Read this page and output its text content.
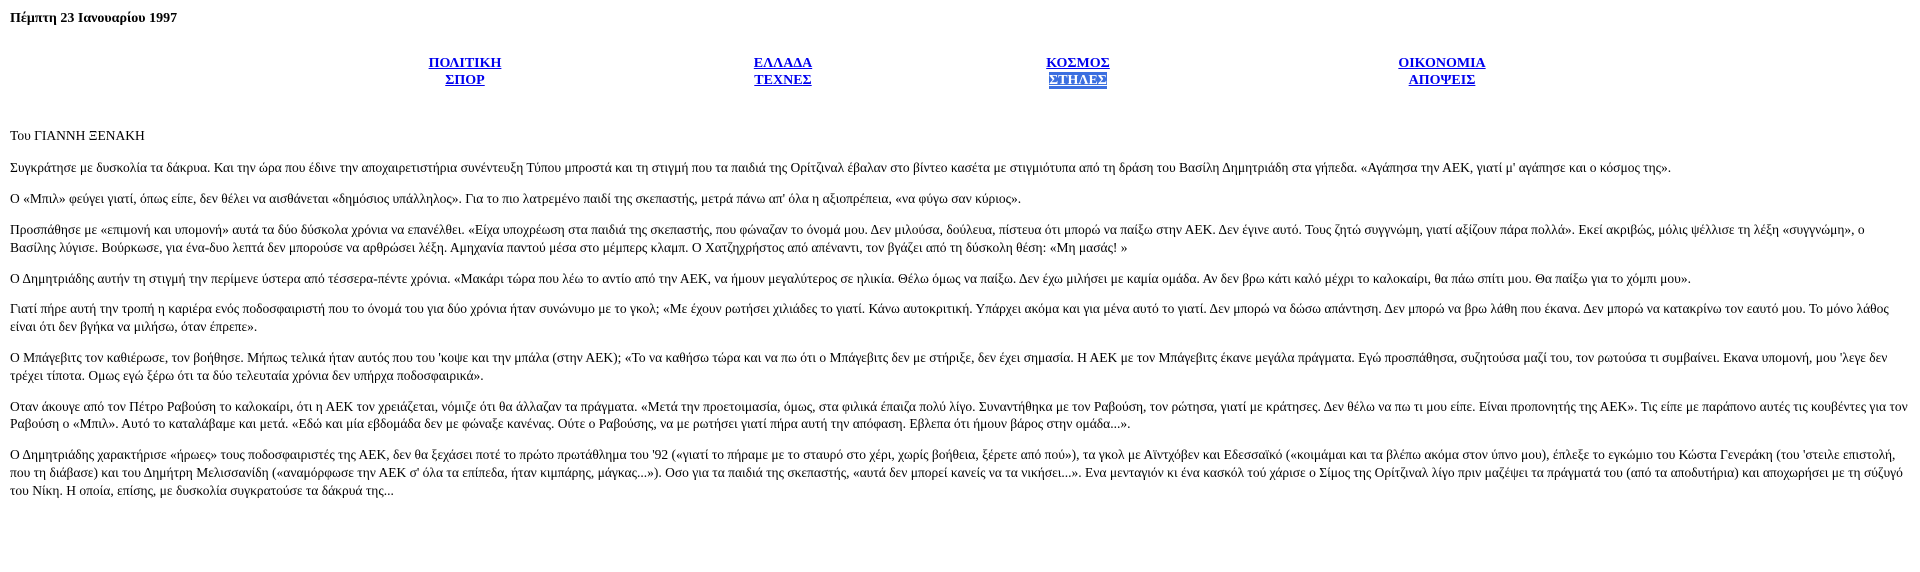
Πέμπτη 23 Ιανουαρίου 1997
ΠΟΛΙΤΙΚΗ
ΣΠΟΡ
ΕΛΛΑΔΑ
ΤΕΧΝΕΣ
ΚΟΣΜΟΣ
ΣΤΗΛΕΣ
ΟΙΚΟΝΟΜΙΑ
ΑΠΟΨΕΙΣ
Του ΓΙΑΝΝΗ ΞΕΝΑΚΗ

Συγκράτησε με δυσκολία τα δάκρυα. Και την ώρα που έδινε την αποχαιρετιστήρια συνέντευξη Τύπου μπροστά και τη στιγμή που τα παιδιά της Ορίτζιναλ έβαλαν στο βίντεο κασέτα με στιγμιότυπα από τη δράση του Βασίλη Δημητριάδη στα γήπεδα. «Αγάπησα την ΑΕΚ, γιατί μ' αγάπησε και ο κόσμος της».

Ο «Μπιλ» φεύγει γιατί, όπως είπε, δεν θέλει να αισθάνεται «δημόσιος υπάλληλος». Για το πιο λατρεμένο παιδί της σκεπαστής, μετρά πάνω απ' όλα η αξιοπρέπεια, «να φύγω σαν κύριος».

Προσπάθησε με «επιμονή και υπομονή» αυτά τα δύο δύσκολα χρόνια να επανέλθει. «Είχα υποχρέωση στα παιδιά της σκεπαστής, που φώναζαν το όνομά μου. Δεν μιλούσα, δούλευα, πίστευα ότι μπορώ να παίξω στην ΑΕΚ. Δεν έγινε αυτό. Τους ζητώ συγγνώμη, γιατί αξίζουν πάρα πολλά». Εκεί ακριβώς, μόλις ψέλλισε τη λέξη «συγγνώμη», ο Βασίλης λύγισε. Βούρκωσε, για ένα-δυο λεπτά δεν μπορούσε να αρθρώσει λέξη. Αμηχανία παντού μέσα στο μέμπερς κλαμπ. Ο Χατζηχρήστος από απέναντι, τον βγάζει από τη δύσκολη θέση: «Μη μασάς! »

Ο Δημητριάδης αυτήν τη στιγμή την περίμενε ύστερα από τέσσερα-πέντε χρόνια. «Μακάρι τώρα που λέω το αντίο από την ΑΕΚ, να ήμουν μεγαλύτερος σε ηλικία. Θέλω όμως να παίξω. Δεν έχω μιλήσει με καμία ομάδα. Αν δεν βρω κάτι καλό μέχρι το καλοκαίρι, θα πάω σπίτι μου. Θα παίξω για το χόμπι μου».

Γιατί πήρε αυτή την τροπή η καριέρα ενός ποδοσφαιριστή που το όνομά του για δύο χρόνια ήταν συνώνυμο με το γκολ; «Με έχουν ρωτήσει χιλιάδες το γιατί. Κάνω αυτοκριτική. Υπάρχει ακόμα και για μένα αυτό το γιατί. Δεν μπορώ να δώσω απάντηση. Δεν μπορώ να βρω λάθη που έκανα. Δεν μπορώ να κατακρίνω τον εαυτό μου. Το μόνο λάθος είναι ότι δεν βγήκα να μιλήσω, όταν έπρεπε».

Ο Μπάγεβιτς τον καθιέρωσε, τον βοήθησε. Μήπως τελικά ήταν αυτός που του 'κοψε και την μπάλα (στην ΑΕΚ); «Το να καθήσω τώρα και να πω ότι ο Μπάγεβιτς δεν με στήριξε, δεν έχει σημασία. Η ΑΕΚ με τον Μπάγεβιτς έκανε μεγάλα πράγματα. Εγώ προσπάθησα, συζητούσα μαζί του, τον ρωτούσα τι συμβαίνει. Εκανα υπομονή, μου 'λεγε δεν τρέχει τίποτα. Ομως εγώ ξέρω ότι τα δύο τελευταία χρόνια δεν υπήρχα ποδοσφαιρικά».

Οταν άκουγε από τον Πέτρο Ραβούση το καλοκαίρι, ότι η ΑΕΚ τον χρειάζεται, νόμιζε ότι θα άλλαζαν τα πράγματα. «Μετά την προετοιμασία, όμως, στα φιλικά έπαιζα πολύ λίγο. Συναντήθηκα με τον Ραβούση, τον ρώτησα, γιατί με κράτησες. Δεν θέλω να πω τι μου είπε. Είναι προπονητής της ΑΕΚ». Τις είπε με παράπονο αυτές τις κουβέντες για τον Ραβούση ο «Μπιλ». Αυτό το καταλάβαμε και μετά. «Εδώ και μία εβδομάδα δεν με φώναξε κανένας. Ούτε ο Ραβούσης, να με ρωτήσει γιατί πήρα αυτή την απόφαση. Εβλεπα ότι ήμουν βάρος στην ομάδα...».

Ο Δημητριάδης χαρακτήρισε «ήρωες» τους ποδοσφαιριστές της ΑΕΚ, δεν θα ξεχάσει ποτέ το πρώτο πρωτάθλημα του '92 («γιατί το πήραμε με το σταυρό στο χέρι, χωρίς βοήθεια, ξέρετε από πού»), τα γκολ με Αϊντχόβεν και Εδεσσαϊκό («κοιμάμαι και τα βλέπω ακόμα στον ύπνο μου), έπλεξε το εγκώμιο του Κώστα Γενεράκη (του 'στειλε επιστολή, που τη διάβασε) και του Δημήτρη Μελισσανίδη («αναμόρφωσε την ΑΕΚ σ' όλα τα επίπεδα, ήταν κιμπάρης, μάγκας...»). Οσο για τα παιδιά της σκεπαστής, «αυτά δεν μπορεί κανείς να τα νικήσει...». Ενα μενταγιόν κι ένα κασκόλ τού χάρισε ο Σίμος της Ορίτζιναλ λίγο πριν μαζέψει τα πράγματά του (από τα αποδυτήρια) και αποχωρήσει με τη σύζυγό του Νίκη. Η οποία, επίσης, με δυσκολία συγκρατούσε τα δάκρυά της...
